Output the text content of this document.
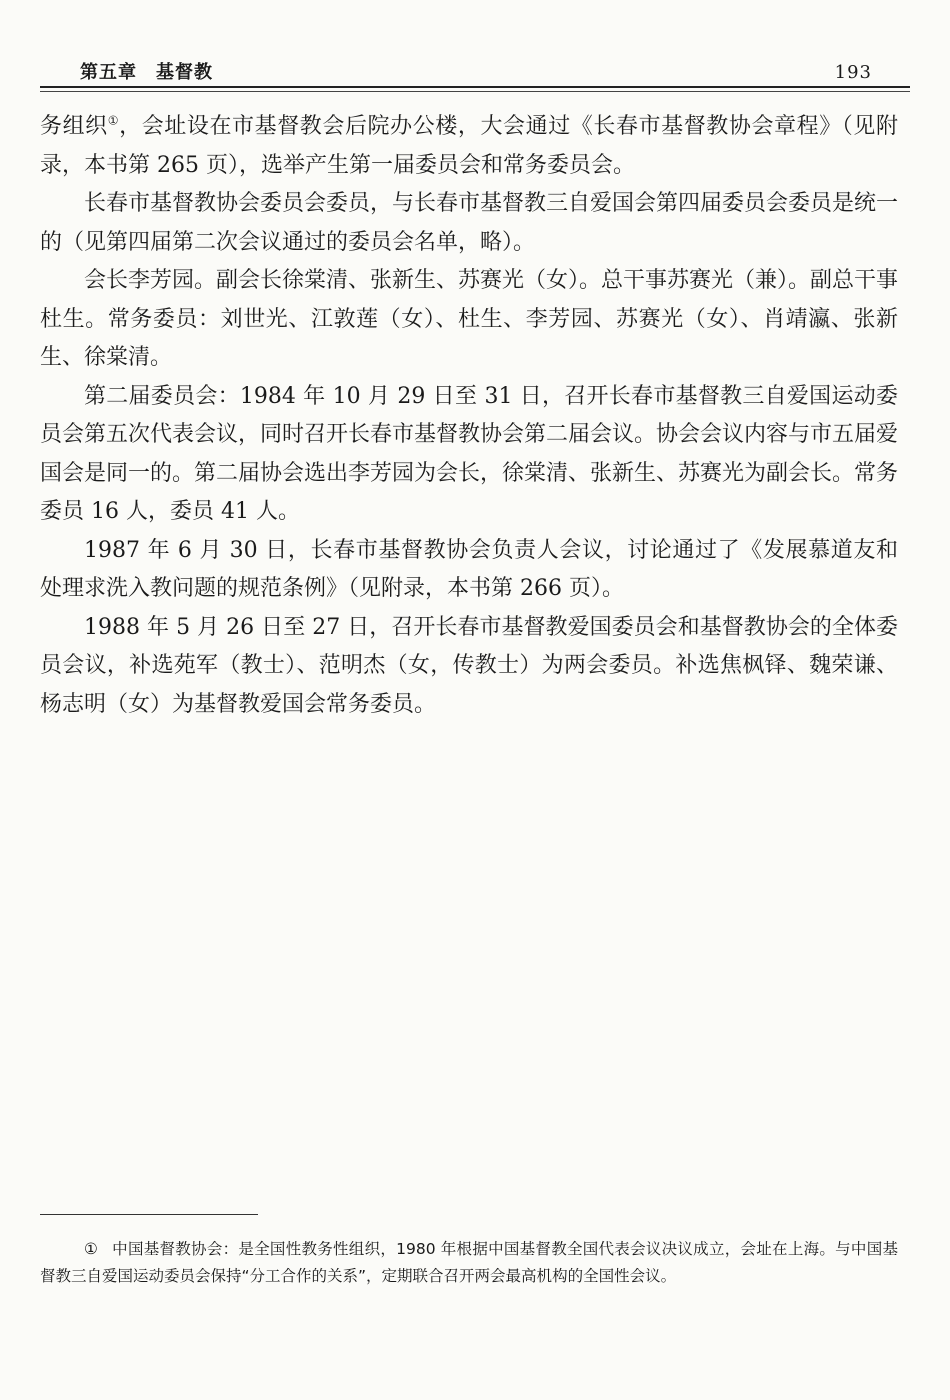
第五章　基督教	193

务组织①，会址设在市基督教会后院办公楼，大会通过《长春市基督教协会章程》（见附录，本书第 265 页），选举产生第一届委员会和常务委员会。

长春市基督教协会委员会委员，与长春市基督教三自爱国会第四届委员会委员是统一的（见第四届第二次会议通过的委员会名单，略）。

会长李芳园。副会长徐棠清、张新生、苏赛光（女）。总干事苏赛光（兼）。副总干事杜生。常务委员：刘世光、江敦莲（女）、杜生、李芳园、苏赛光（女）、肖靖瀛、张新生、徐棠清。

第二届委员会：1984 年 10 月 29 日至 31 日，召开长春市基督教三自爱国运动委员会第五次代表会议，同时召开长春市基督教协会第二届会议。协会会议内容与市五届爱国会是同一的。第二届协会选出李芳园为会长，徐棠清、张新生、苏赛光为副会长。常务委员 16 人，委员 41 人。

1987 年 6 月 30 日，长春市基督教协会负责人会议，讨论通过了《发展慕道友和处理求洗入教问题的规范条例》（见附录，本书第 266 页）。

1988 年 5 月 26 日至 27 日，召开长春市基督教爱国委员会和基督教协会的全体委员会议，补选苑军（教士）、范明杰（女，传教士）为两会委员。补选焦枫铎、魏荣谦、杨志明（女）为基督教爱国会常务委员。

① 中国基督教协会：是全国性教务性组织，1980 年根据中国基督教全国代表会议决议成立，会址在上海。与中国基督教三自爱国运动委员会保持“分工合作的关系”，定期联合召开两会最高机构的全国性会议。
